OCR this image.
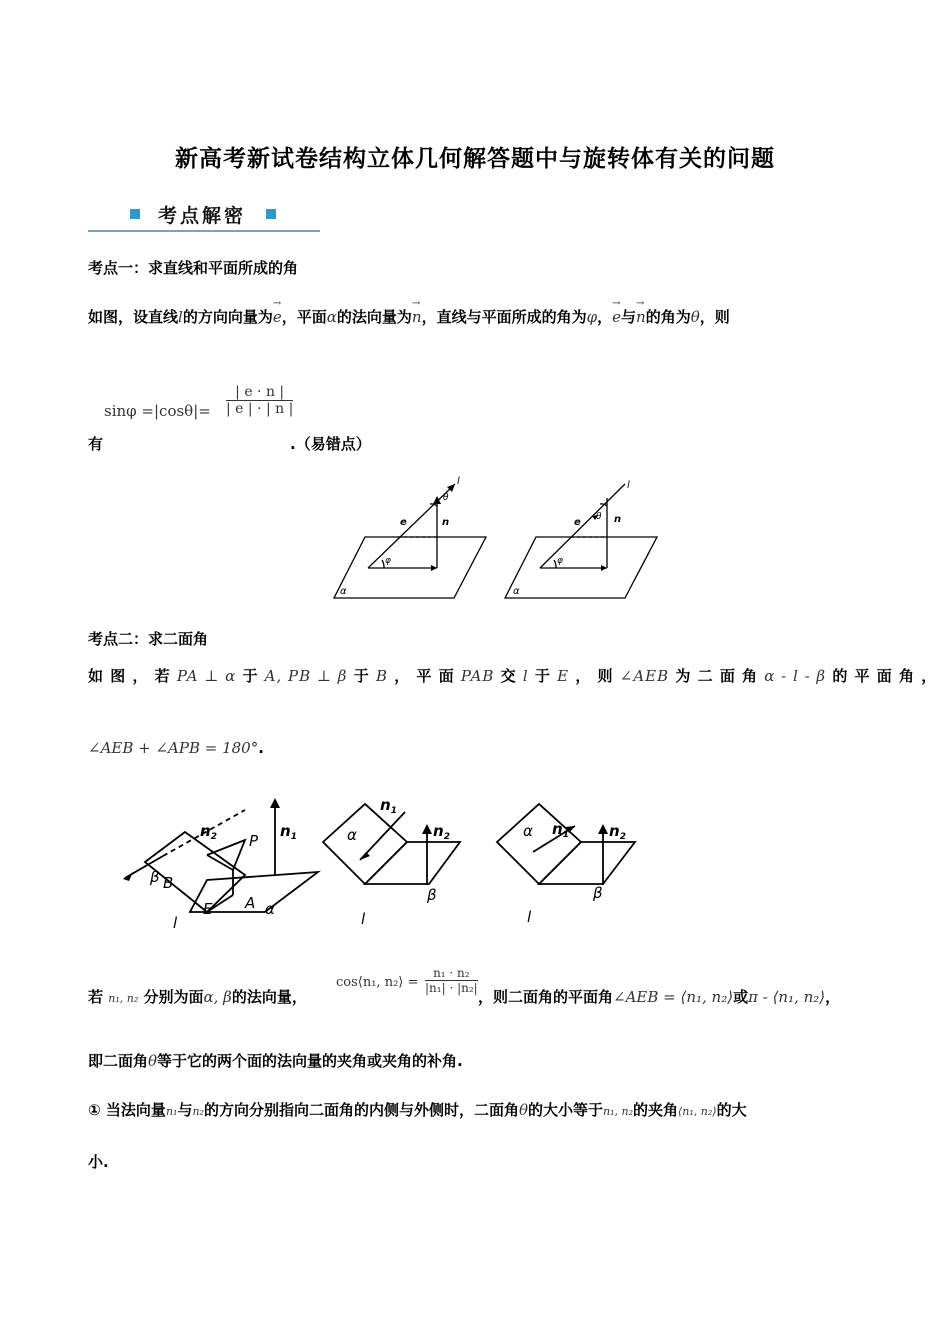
新高考新试卷结构立体几何解答题中与旋转体有关的问题
考点解密
考点一：求直线和平面所成的角
如图，设直线l的方向向量为→ e，平面α的法向量为→ n，直线与平面所成的角为φ，→ e与→ n的角为θ，则
$\sin\varphi =|\cos\theta|= \frac{| e \cdot n |}{| e | \cdot | n |}$
有	.（易错点）
l
θ
e	n
φ
α
l
θ
e	n
φ
α
考点二：求二面角
如 图 ， 若 PA ⊥ α 于 A, PB ⊥ β 于 B ， 平 面 PAB 交 l 于 E ， 则 ∠AEB 为 二 面 角 α - l - β 的 平 面 角 ，
∠AEB + ∠APB = 180°.
$n_2$	$n_1$
P
β B
E A α
l
$n_1$
$n_2$
α
β
l
$n_1$	$n_2$
α
β
l
若 n₁, n₂ 分别为面α, β的法向量，
cos⟨n₁, n₂⟩ = $\frac{\text{n₁ · n₂}}{\text{|n₁| · |n₂|}}$
，则二面角的平面角∠AEB = ⟨n₁, n₂⟩或π - ⟨n₁, n₂⟩，
即二面角θ等于它的两个面的法向量的夹角或夹角的补角.
① 当法向量n₁与n₂的方向分别指向二面角的内侧与外侧时，二面角θ的大小等于n₁, n₂的夹角⟨n₁, n₂⟩的大
小.
